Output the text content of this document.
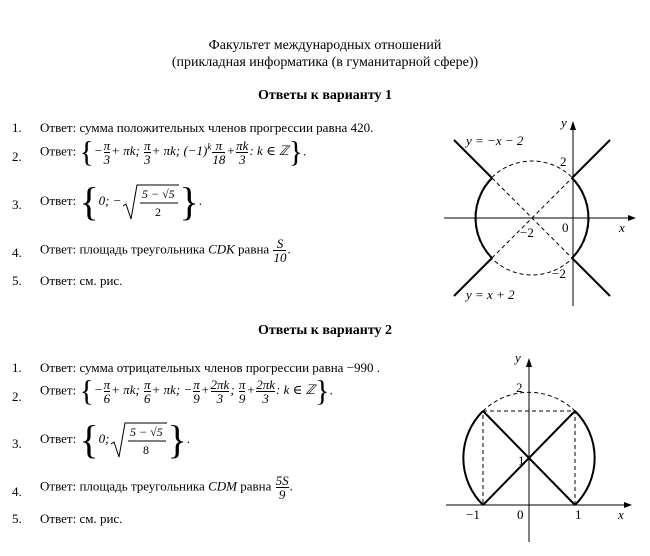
Факультет международных отношений
(прикладная информатика (в гуманитарной сфере))
Ответы к варианту 1
1. Ответ: сумма положительных членов прогрессии равна 420.
2. Ответ: {− $\frac{\pi}{3} + \pi k$; $\frac{\pi}{3} + \pi k$; $(-1)^k \frac{\pi}{18} + \frac{\pi k}{3}$ : k ∈ ℤ}.
3. Ответ: {0; − 5 − √5
2 }.
4. Ответ: площадь треугольника CDK равна $\frac{S}{10}$ .
5. Ответ: см. рис.
y = −x − 2
y = x + 2
y
x
2
−2 0
−2
Ответы к варианту 2
1. Ответ: сумма отрицательных членов прогрессии равна −990 .
2. Ответ: {− $\frac{\pi}{6} + \pi k$; $\frac{\pi}{6} + \pi k$; − $\frac{\pi}{9} + \frac{2\pi k}{3}$ ; $\frac{\pi}{9} + \frac{2\pi k}{3}$ : k ∈ ℤ}.
3. Ответ: {0; 5 − √5
8 }.
4. Ответ: площадь треугольника CDM равна $\frac{5S}{9}$ .
5. Ответ: см. рис.
y
x
2
1
−1	0	1
